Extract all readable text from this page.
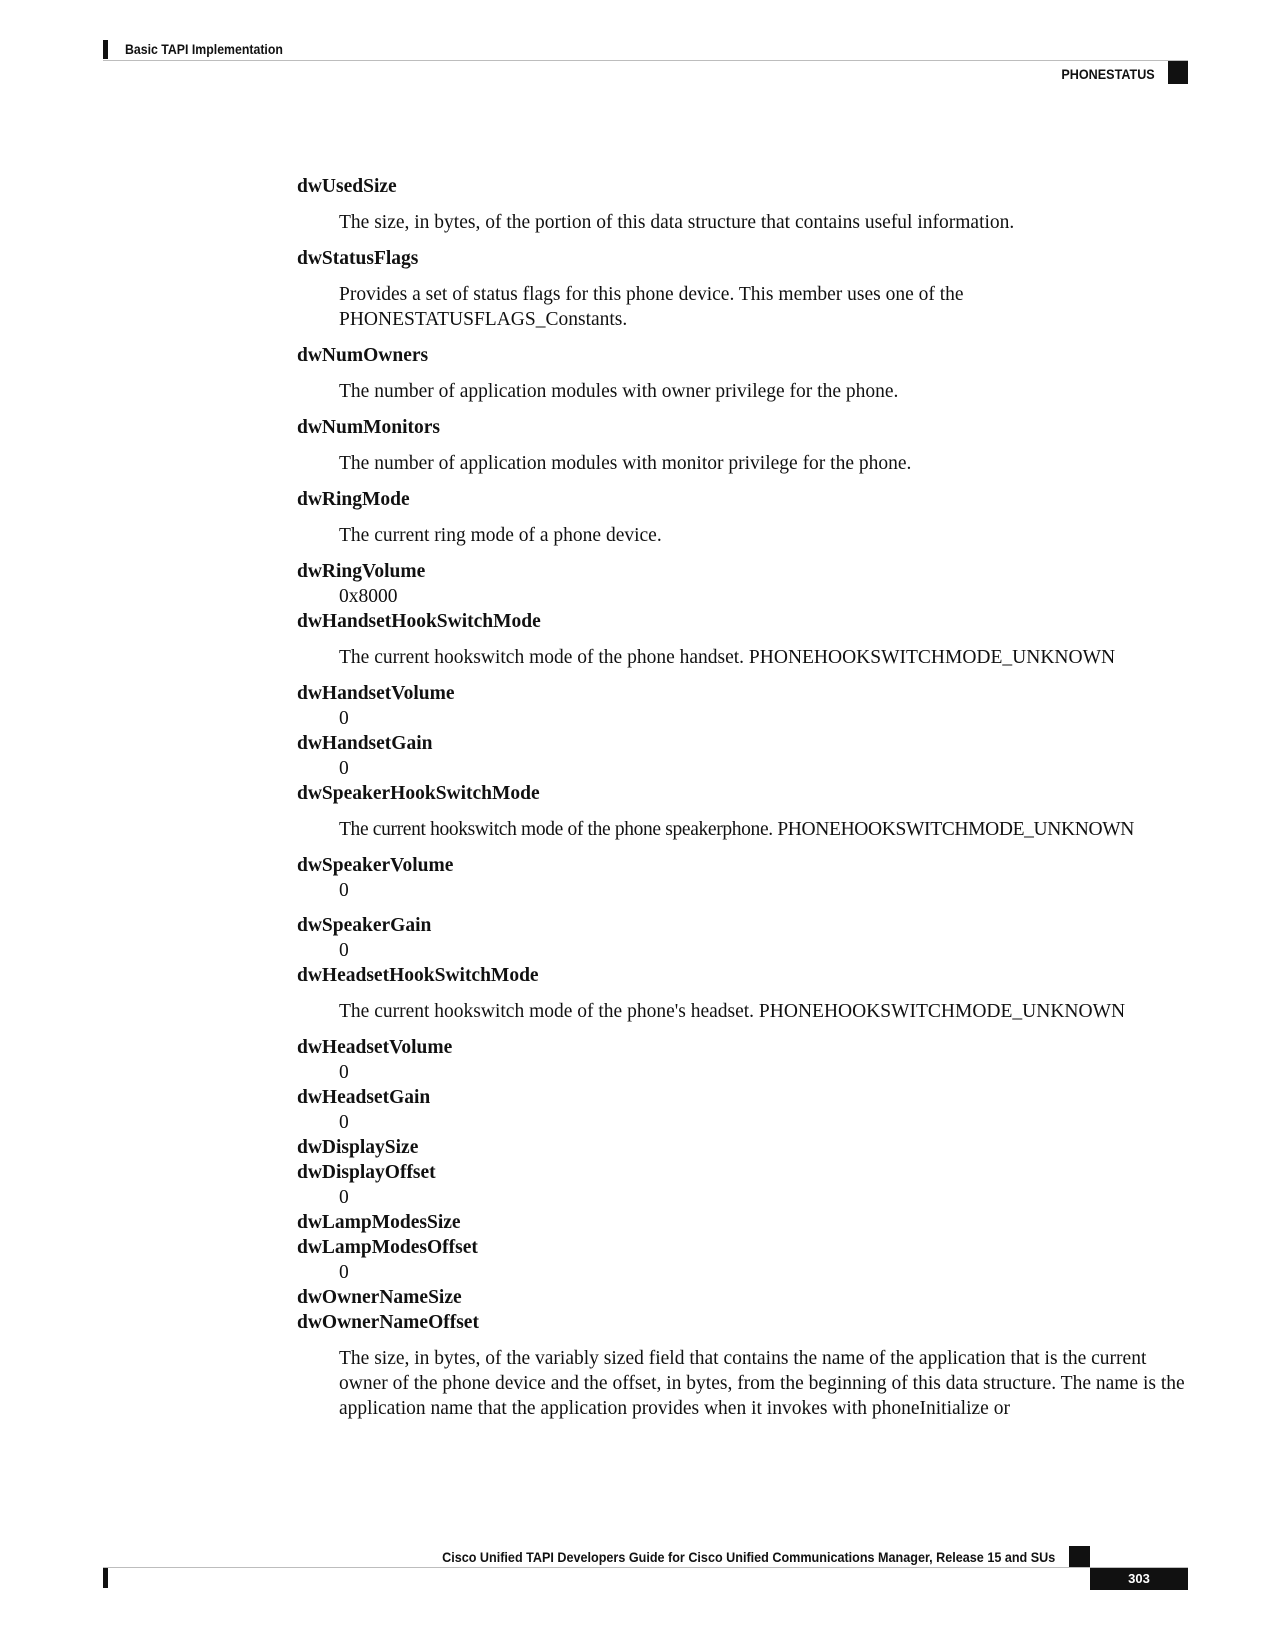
Basic TAPI Implementation
PHONESTATUS
dwUsedSize
The size, in bytes, of the portion of this data structure that contains useful information.
dwStatusFlags
Provides a set of status flags for this phone device. This member uses one of the PHONESTATUSFLAGS_Constants.
dwNumOwners
The number of application modules with owner privilege for the phone.
dwNumMonitors
The number of application modules with monitor privilege for the phone.
dwRingMode
The current ring mode of a phone device.
dwRingVolume
0x8000
dwHandsetHookSwitchMode
The current hookswitch mode of the phone handset. PHONEHOOKSWITCHMODE_UNKNOWN
dwHandsetVolume
0
dwHandsetGain
0
dwSpeakerHookSwitchMode
The current hookswitch mode of the phone speakerphone. PHONEHOOKSWITCHMODE_UNKNOWN
dwSpeakerVolume
0
dwSpeakerGain
0
dwHeadsetHookSwitchMode
The current hookswitch mode of the phone's headset. PHONEHOOKSWITCHMODE_UNKNOWN
dwHeadsetVolume
0
dwHeadsetGain
0
dwDisplaySize
dwDisplayOffset
0
dwLampModesSize
dwLampModesOffset
0
dwOwnerNameSize
dwOwnerNameOffset
The size, in bytes, of the variably sized field that contains the name of the application that is the current owner of the phone device and the offset, in bytes, from the beginning of this data structure. The name is the application name that the application provides when it invokes with phoneInitialize or
Cisco Unified TAPI Developers Guide for Cisco Unified Communications Manager, Release 15 and SUs
303
